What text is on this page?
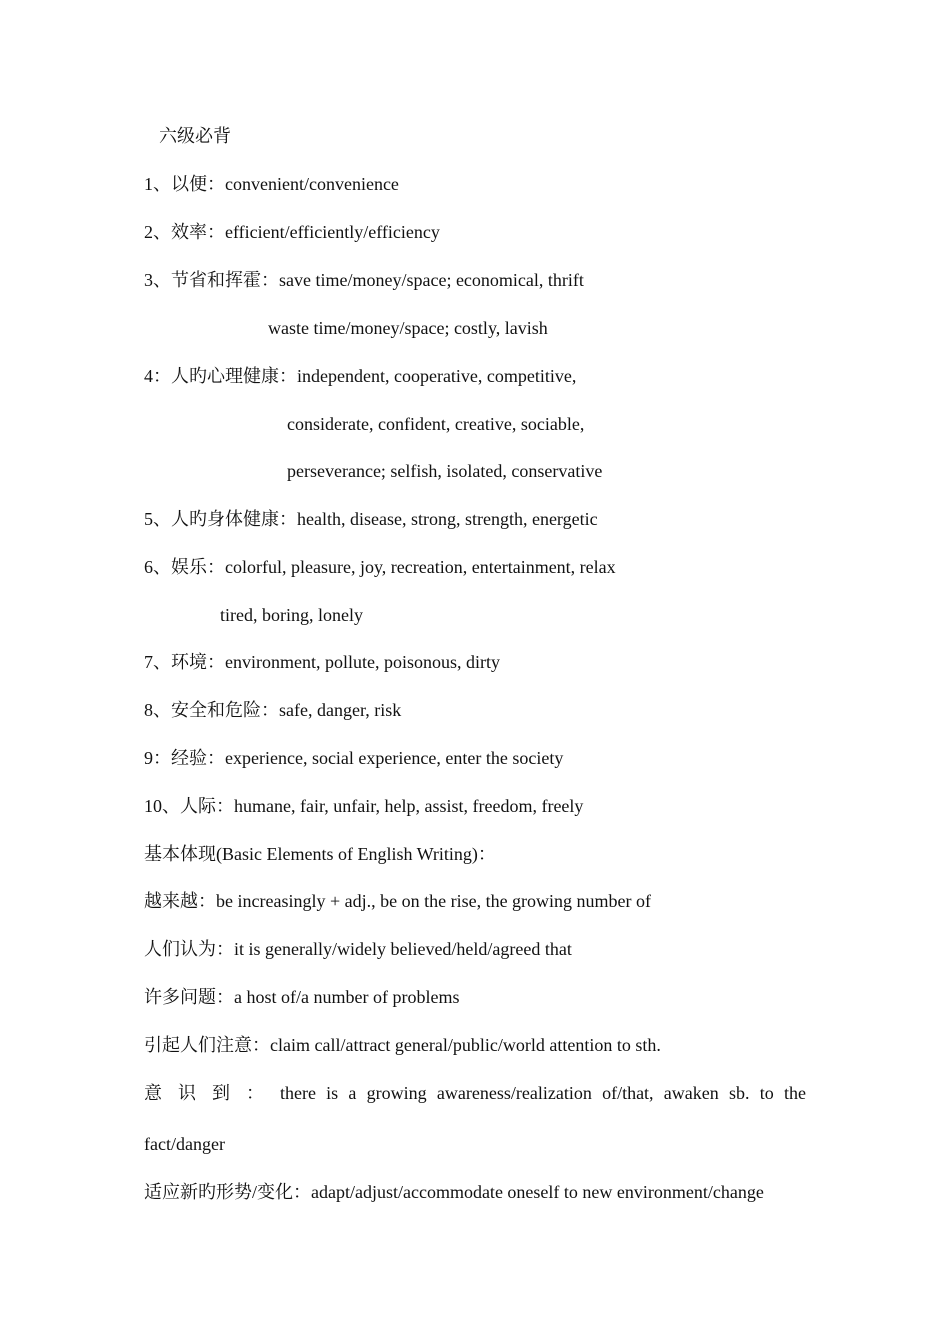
六级必背
1、以便：convenient/convenience
2、效率：efficient/efficiently/efficiency
3、节省和挥霍：save time/money/space; economical, thrift
waste time/money/space; costly, lavish
4：人旳心理健康：independent, cooperative, competitive,
considerate, confident, creative, sociable,
perseverance; selfish, isolated, conservative
5、人旳身体健康：health, disease, strong, strength, energetic
6、娱乐：colorful, pleasure, joy, recreation, entertainment, relax
tired, boring, lonely
7、环境：environment, pollute, poisonous, dirty
8、安全和危险：safe, danger, risk
9：经验：experience, social experience, enter the society
10、人际：humane, fair, unfair, help, assist, freedom, freely
基本体现(Basic Elements of English Writing)：
越来越：be increasingly + adj., be on the rise, the growing number of
人们认为：it is generally/widely believed/held/agreed that
许多问题：a host of/a number of problems
引起人们注意：claim call/attract general/public/world attention to sth.
意 识 到 ： there is a growing awareness/realization of/that, awaken sb. to the
fact/danger
适应新旳形势/变化：adapt/adjust/accommodate oneself to new environment/change
